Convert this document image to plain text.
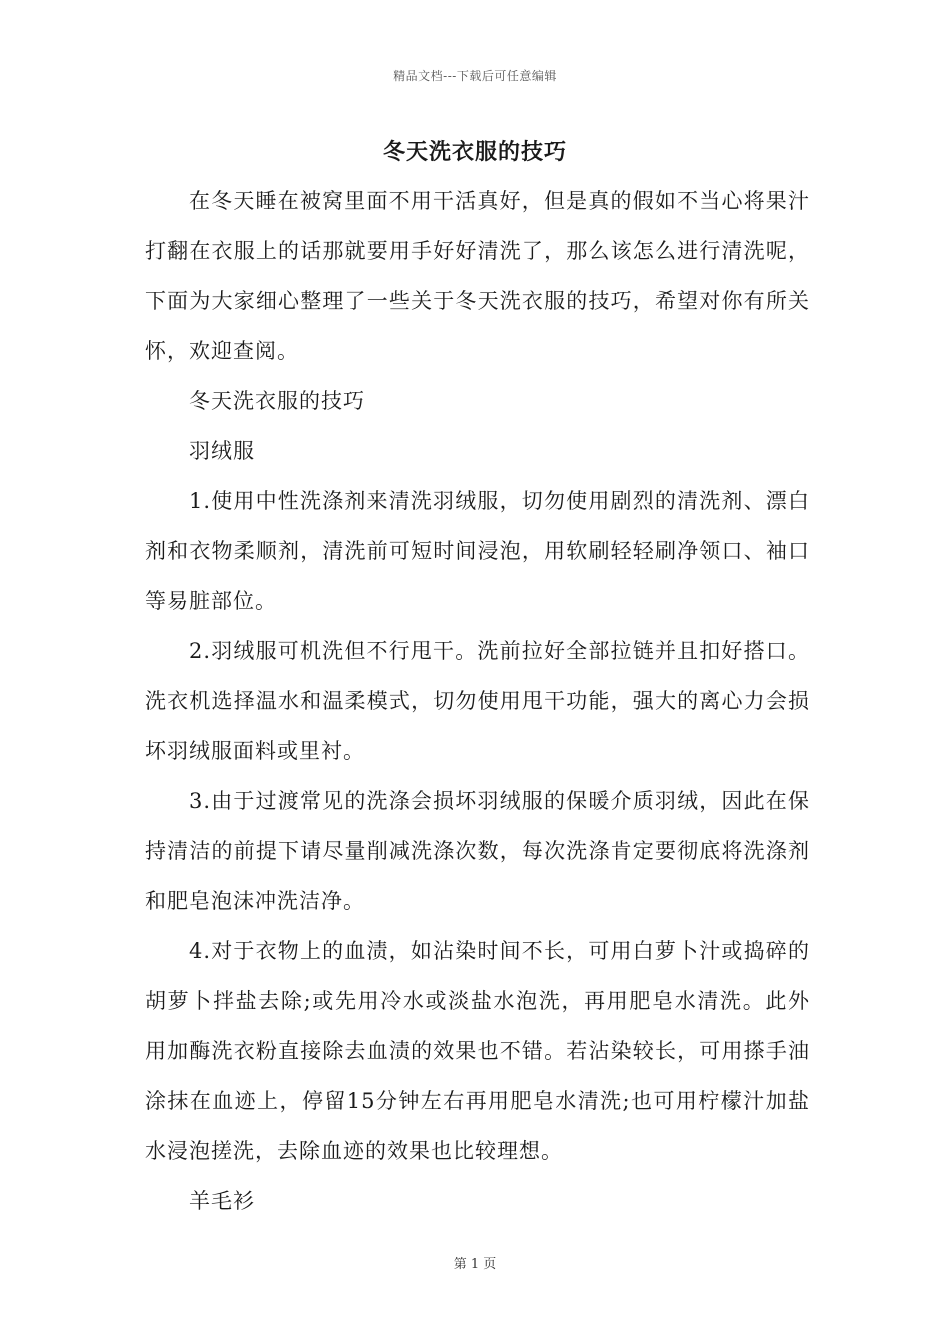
精品文档---下载后可任意编辑
冬天洗衣服的技巧

在冬天睡在被窝里面不用干活真好，但是真的假如不当心将果汁打翻在衣服上的话那就要用手好好清洗了，那么该怎么进行清洗呢，下面为大家细心整理了一些关于冬天洗衣服的技巧，希望对你有所关怀，欢迎查阅。

冬天洗衣服的技巧

羽绒服

1.使用中性洗涤剂来清洗羽绒服，切勿使用剧烈的清洗剂、漂白剂和衣物柔顺剂，清洗前可短时间浸泡，用软刷轻轻刷净领口、袖口等易脏部位。

2.羽绒服可机洗但不行甩干。洗前拉好全部拉链并且扣好搭口。洗衣机选择温水和温柔模式，切勿使用甩干功能，强大的离心力会损坏羽绒服面料或里衬。

3.由于过渡常见的洗涤会损坏羽绒服的保暖介质羽绒，因此在保持清洁的前提下请尽量削减洗涤次数，每次洗涤肯定要彻底将洗涤剂和肥皂泡沫冲洗洁净。

4.对于衣物上的血渍，如沾染时间不长，可用白萝卜汁或捣碎的胡萝卜拌盐去除;或先用冷水或淡盐水泡洗，再用肥皂水清洗。此外用加酶洗衣粉直接除去血渍的效果也不错。若沾染较长，可用搽手油涂抹在血迹上，停留15分钟左右再用肥皂水清洗;也可用柠檬汁加盐水浸泡搓洗，去除血迹的效果也比较理想。

羊毛衫

第 1 页
